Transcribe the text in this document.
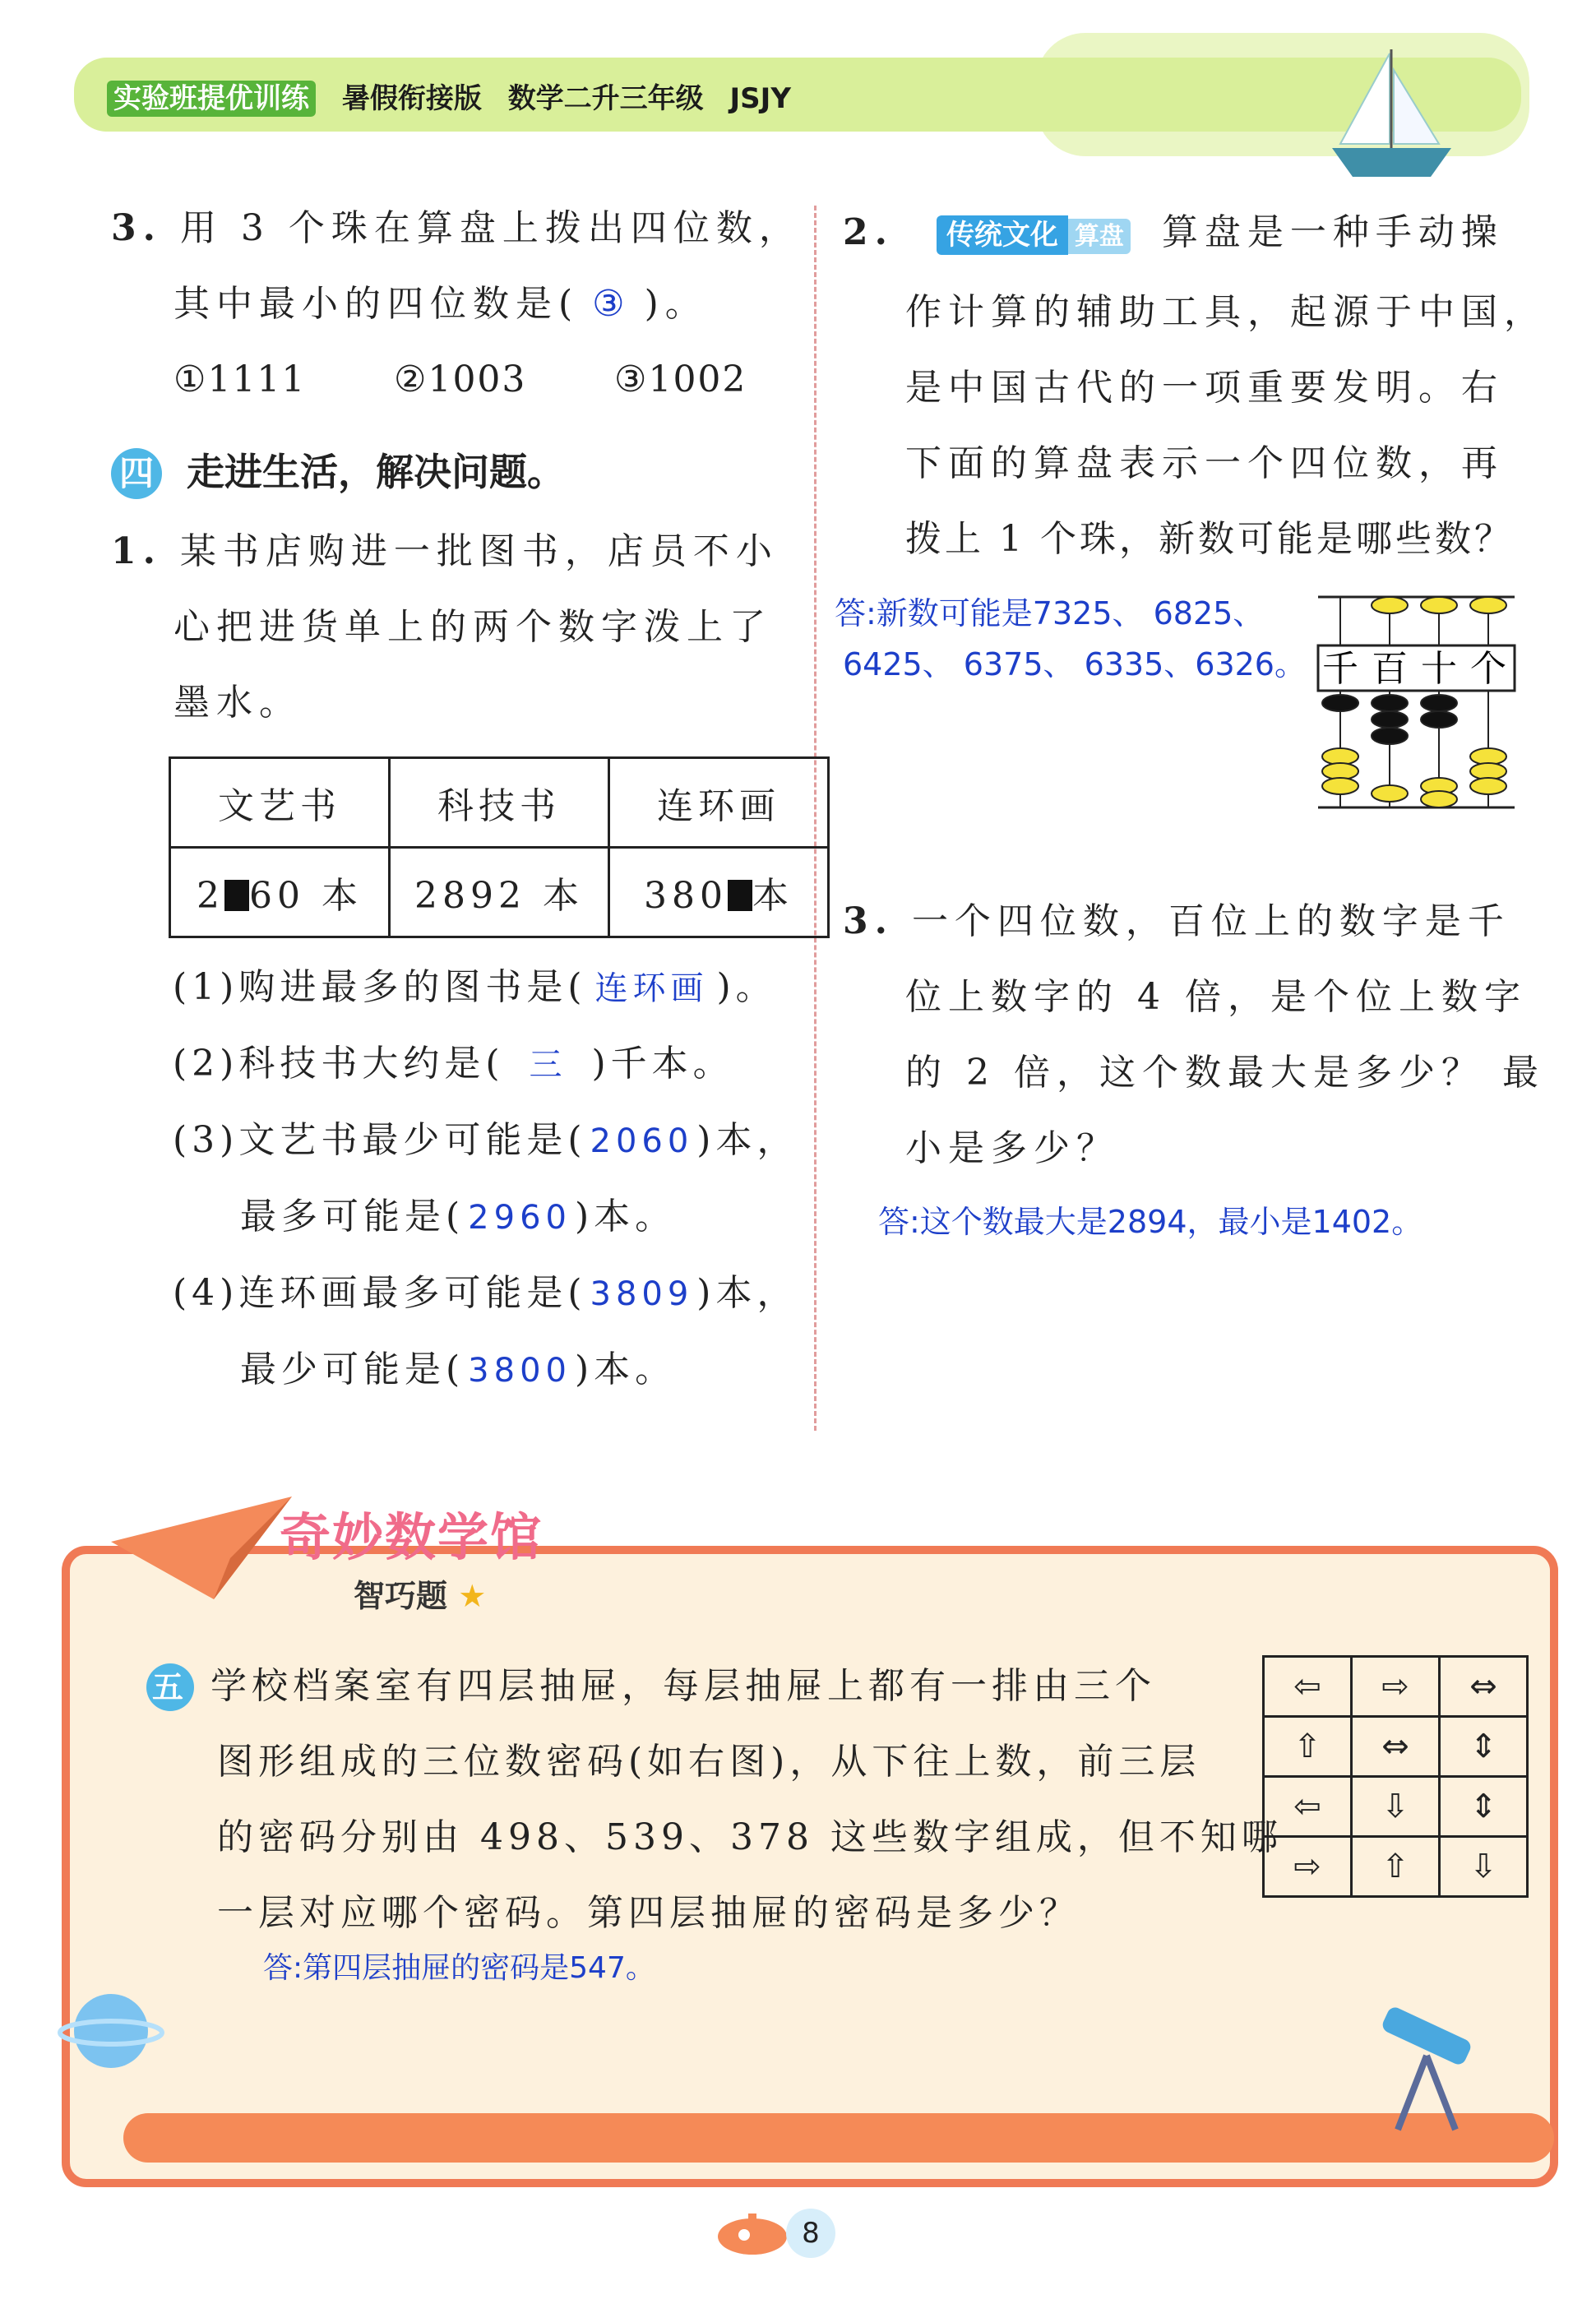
实验班提优训练 暑假衔接版 数学二升三年级 JSJY
3. 用 3 个珠在算盘上拨出四位数，
其中最小的四位数是( ③ )。
①1111 ②1003 ③1002
四 走进生活，解决问题。
1. 某书店购进一批图书，店员不小
心把进货单上的两个数字泼上了
墨水。
文艺书	科技书	连环画
2 60 本	2892 本	380 本
(1)购进最多的图书是( 连环画 )。
(2)科技书大约是( 三 )千本。
(3)文艺书最少可能是( 2060)本，
最多可能是( 2960)本。
(4)连环画最多可能是( 3809)本，
最少可能是( 3800)本。
2. 传统文化 算盘 算盘是一种手动操
作计算的辅助工具，起源于中国，
是中国古代的一项重要发明。右
下面的算盘表示一个四位数，再
拨上 1 个珠，新数可能是哪些数？
答:新数可能是7325、 6825、
6425、 6375、 6335、6326。 千 百 十 个
3. 一个四位数，百位上的数字是千
位上数字的 4 倍，是个位上数字
的 2 倍，这个数最大是多少？ 最
小是多少？
答:这个数最大是2894，最小是1402。
奇妙数学馆
智巧题 ★
五 学校档案室有四层抽屉，每层抽屉上都有一排由三个
图形组成的三位数密码(如右图)，从下往上数，前三层
的密码分别由 498、539、378 这些数字组成，但不知哪
一层对应哪个密码。第四层抽屉的密码是多少？
答:第四层抽屉的密码是547。
⇦	⇨	⇔
⇧	⇔	⇕
⇦	⇩	⇕
⇨	⇧	⇩
8
